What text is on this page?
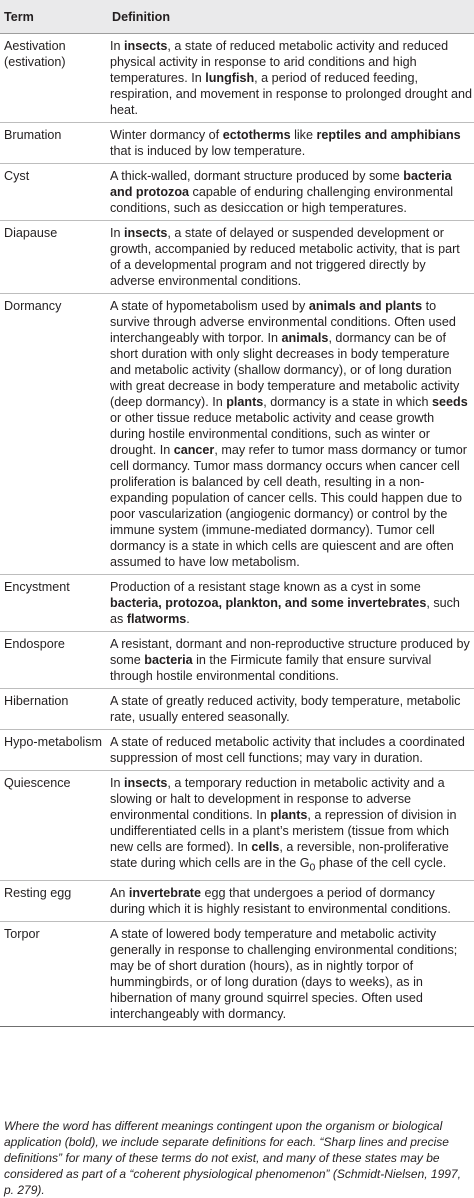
Term	Definition
Aestivation (estivation)	In insects, a state of reduced metabolic activity and reduced physical activity in response to arid conditions and high temperatures. In lungfish, a period of reduced feeding, respiration, and movement in response to prolonged drought and heat.
Brumation	Winter dormancy of ectotherms like reptiles and amphibians that is induced by low temperature.
Cyst	A thick-walled, dormant structure produced by some bacteria and protozoa capable of enduring challenging environmental conditions, such as desiccation or high temperatures.
Diapause	In insects, a state of delayed or suspended development or growth, accompanied by reduced metabolic activity, that is part of a developmental program and not triggered directly by adverse environmental conditions.
Dormancy	A state of hypometabolism used by animals and plants to survive through adverse environmental conditions. Often used interchangeably with torpor. In animals, dormancy can be of short duration with only slight decreases in body temperature and metabolic activity (shallow dormancy), or of long duration with great decrease in body temperature and metabolic activity (deep dormancy). In plants, dormancy is a state in which seeds or other tissue reduce metabolic activity and cease growth during hostile environmental conditions, such as winter or drought. In cancer, may refer to tumor mass dormancy or tumor cell dormancy. Tumor mass dormancy occurs when cancer cell proliferation is balanced by cell death, resulting in a non-expanding population of cancer cells. This could happen due to poor vascularization (angiogenic dormancy) or control by the immune system (immune-mediated dormancy). Tumor cell dormancy is a state in which cells are quiescent and are often assumed to have low metabolism.
Encystment	Production of a resistant stage known as a cyst in some bacteria, protozoa, plankton, and some invertebrates, such as flatworms.
Endospore	A resistant, dormant and non-reproductive structure produced by some bacteria in the Firmicute family that ensure survival through hostile environmental conditions.
Hibernation	A state of greatly reduced activity, body temperature, metabolic rate, usually entered seasonally.
Hypo-metabolism	A state of reduced metabolic activity that includes a coordinated suppression of most cell functions; may vary in duration.
Quiescence	In insects, a temporary reduction in metabolic activity and a slowing or halt to development in response to adverse environmental conditions. In plants, a repression of division in undifferentiated cells in a plant’s meristem (tissue from which new cells are formed). In cells, a reversible, non-proliferative state during which cells are in the $G_0$ phase of the cell cycle.
Resting egg	An invertebrate egg that undergoes a period of dormancy during which it is highly resistant to environmental conditions.
Torpor	A state of lowered body temperature and metabolic activity generally in response to challenging environmental conditions; may be of short duration (hours), as in nightly torpor of hummingbirds, or of long duration (days to weeks), as in hibernation of many ground squirrel species. Often used interchangeably with dormancy.
Where the word has different meanings contingent upon the organism or biological application (bold), we include separate definitions for each. “Sharp lines and precise definitions” for many of these terms do not exist, and many of these states may be considered as part of a “coherent physiological phenomenon” (Schmidt-Nielsen, 1997, p. 279).
